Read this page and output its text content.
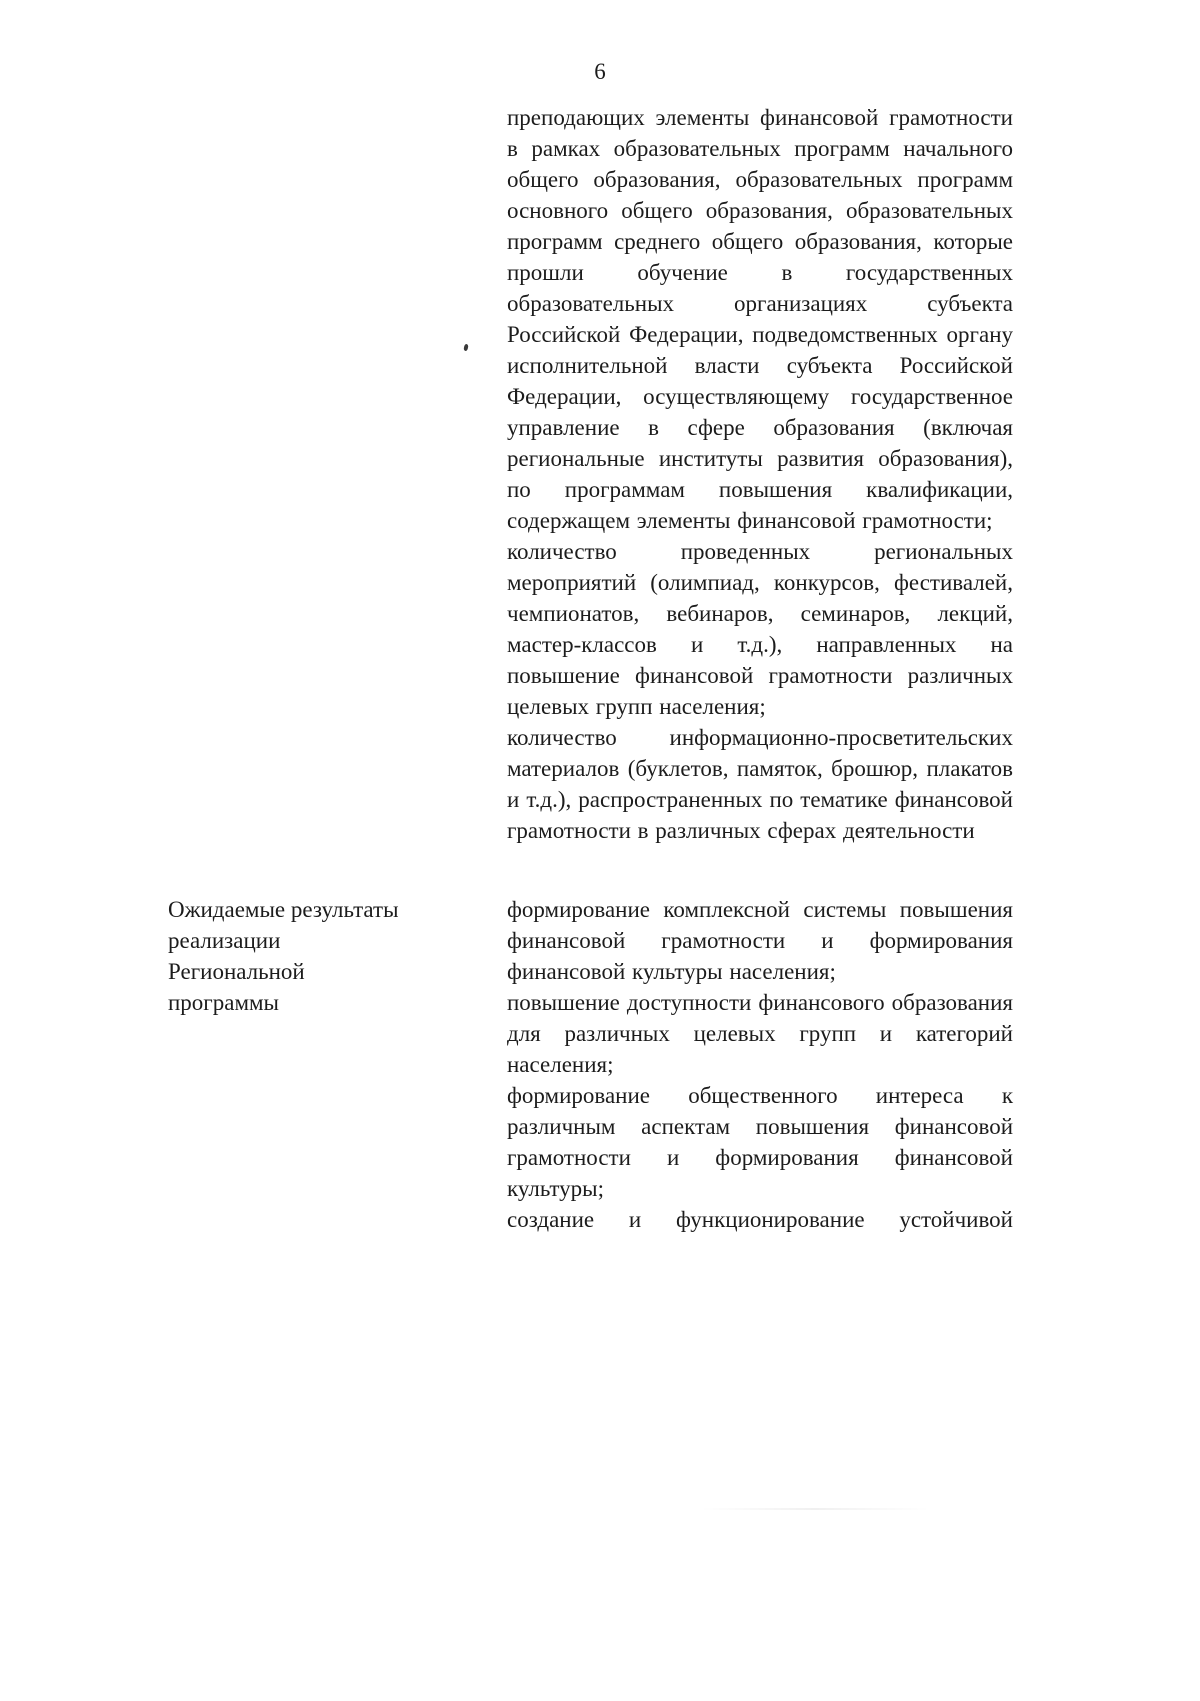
6

преподающих элементы финансовой грамотности в рамках образовательных программ начального общего образования, образовательных программ основного общего образования, образовательных программ среднего общего образования, которые прошли обучение в государственных образовательных организациях субъекта Российской Федерации, подведомственных органу исполнительной власти субъекта Российской Федерации, осуществляющему государственное управление в сфере образования (включая региональные институты развития образования), по программам повышения квалификации, содержащем элементы финансовой грамотности;

количество проведенных региональных мероприятий (олимпиад, конкурсов, фестивалей, чемпионатов, вебинаров, семинаров, лекций, мастер-классов и т.д.), направленных на повышение финансовой грамотности различных целевых групп населения;

количество информационно-просветительских материалов (буклетов, памяток, брошюр, плакатов и т.д.), распространенных по тематике финансовой грамотности в различных сферах деятельности

Ожидаемые результаты

реализации

Региональной

программы

формирование комплексной системы повышения финансовой грамотности и формирования финансовой культуры населения;

повышение доступности финансового образования для различных целевых групп и категорий населения;

формирование общественного интереса к различным аспектам повышения финансовой грамотности и формирования финансовой культуры;

создание и функционирование устойчивой
